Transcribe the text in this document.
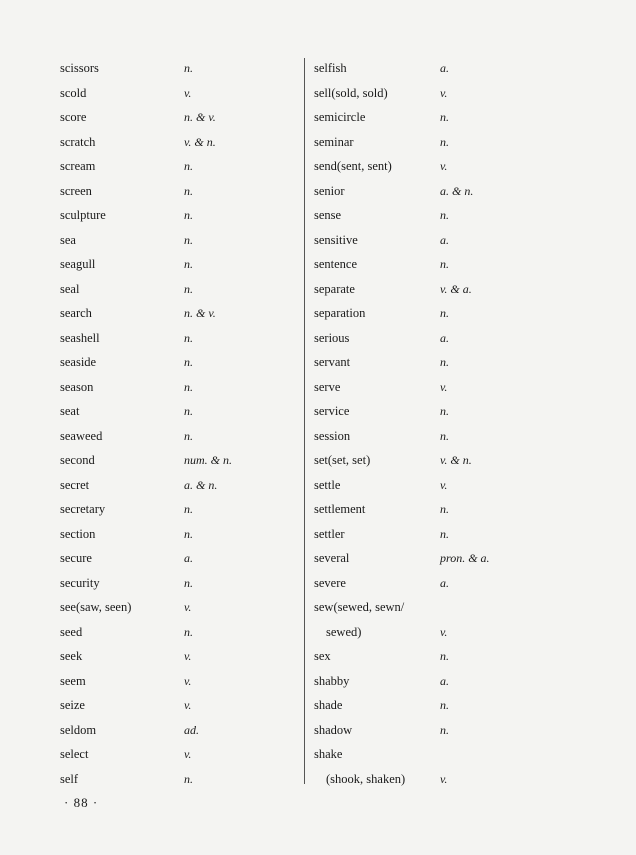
scissors	n.
scold	v.
score	n. & v.
scratch	v. & n.
scream	n.
screen	n.
sculpture	n.
sea	n.
seagull	n.
seal	n.
search	n. & v.
seashell	n.
seaside	n.
season	n.
seat	n.
seaweed	n.
second	num. & n.
secret	a. & n.
secretary	n.
section	n.
secure	a.
security	n.
see(saw, seen)	v.
seed	n.
seek	v.
seem	v.
seize	v.
seldom	ad.
select	v.
self	n.
selfish	a.
sell(sold, sold)	v.
semicircle	n.
seminar	n.
send(sent, sent)	v.
senior	a. & n.
sense	n.
sensitive	a.
sentence	n.
separate	v. & a.
separation	n.
serious	a.
servant	n.
serve	v.
service	n.
session	n.
set(set, set)	v. & n.
settle	v.
settlement	n.
settler	n.
several	pron. & a.
severe	a.
sew(sewed, sewn/
sewed)	v.
sex	n.
shabby	a.
shade	n.
shadow	n.
shake
(shook, shaken)	v.
· 88 ·
